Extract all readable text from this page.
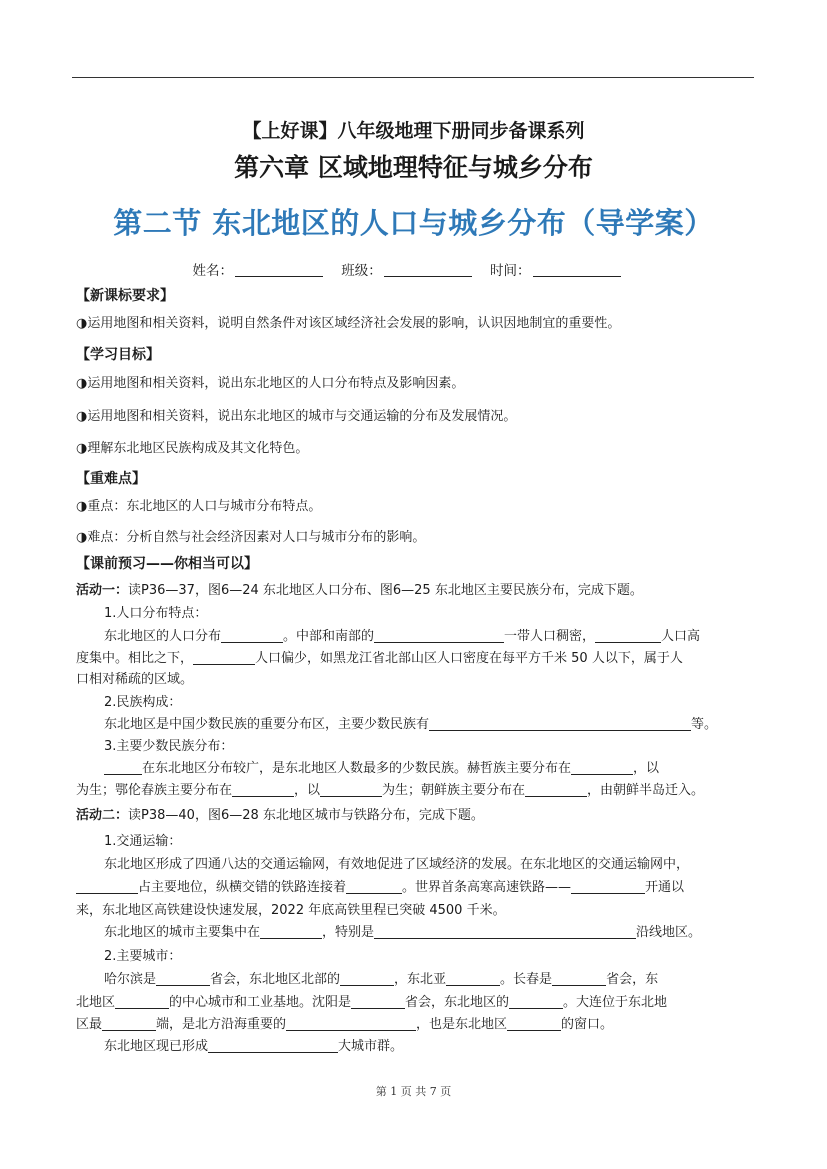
【上好课】八年级地理下册同步备课系列
第六章 区域地理特征与城乡分布
第二节 东北地区的人口与城乡分布（导学案）
姓名：	班级：	时间：
【新课标要求】
◑运用地图和相关资料，说明自然条件对该区域经济社会发展的影响，认识因地制宜的重要性。
【学习目标】
◑运用地图和相关资料，说出东北地区的人口分布特点及影响因素。
◑运用地图和相关资料，说出东北地区的城市与交通运输的分布及发展情况。
◑理解东北地区民族构成及其文化特色。
【重难点】
◑重点：东北地区的人口与城市分布特点。
◑难点：分析自然与社会经济因素对人口与城市分布的影响。
【课前预习——你相当可以】
活动一：读P36—37，图6—24 东北地区人口分布、图6—25 东北地区主要民族分布，完成下题。
1.人口分布特点：
东北地区的人口分布	。中部和南部的	一带人口稠密，	人口高
度集中。相比之下，	人口偏少，如黑龙江省北部山区人口密度在每平方千米 50 人以下，属于人
口相对稀疏的区域。
2.民族构成：
东北地区是中国少数民族的重要分布区，主要少数民族有	等。
3.主要少数民族分布：
在东北地区分布较广，是东北地区人数最多的少数民族。赫哲族主要分布在	，以
为生；鄂伦春族主要分布在	，以	为生；朝鲜族主要分布在	，由朝鲜半岛迁入。
活动二：读P38—40，图6—28 东北地区城市与铁路分布，完成下题。
1.交通运输：
东北地区形成了四通八达的交通运输网，有效地促进了区域经济的发展。在东北地区的交通运输网中，
占主要地位，纵横交错的铁路连接着	。世界首条高寒高速铁路——	开通以
来，东北地区高铁建设快速发展，2022 年底高铁里程已突破 4500 千米。
东北地区的城市主要集中在	，特别是	沿线地区。
2.主要城市：
哈尔滨是	省会，东北地区北部的	，东北亚	。长春是	省会，东
北地区	的中心城市和工业基地。沈阳是	省会，东北地区的	。大连位于东北地
区最	端，是北方沿海重要的	，也是东北地区	的窗口。
东北地区现已形成	大城市群。
第 1 页 共 7 页
